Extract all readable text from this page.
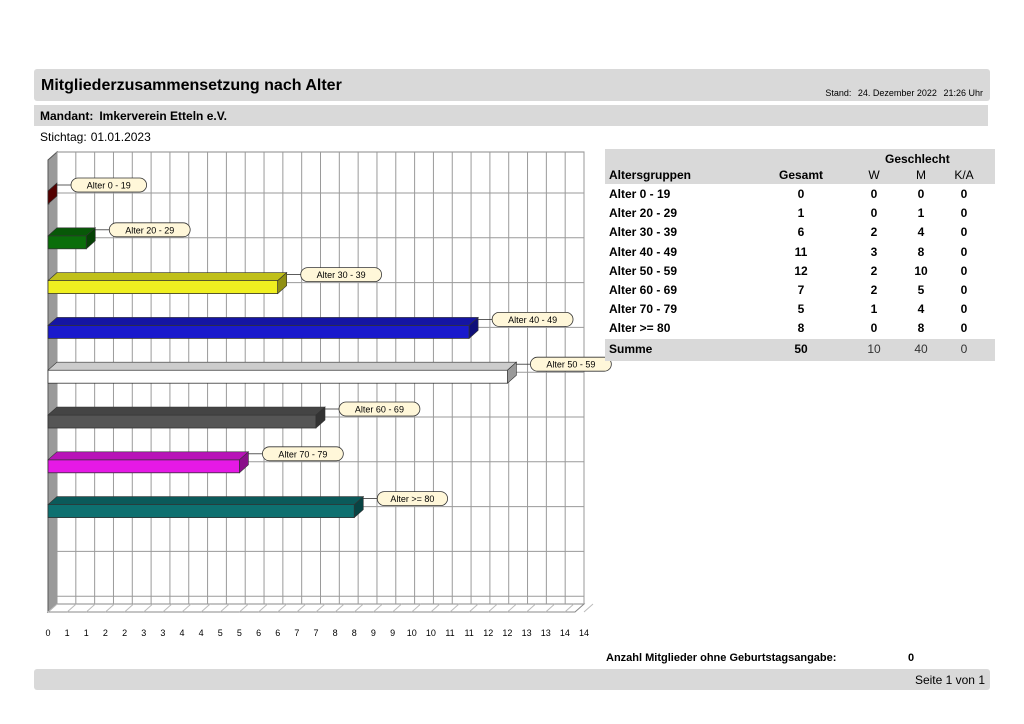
Mitgliederzusammensetzung nach Alter	Stand: 24. Dezember 2022 21:26 Uhr
Mandant: Imkerverein Etteln e.V.
Stichtag: 01.01.2023
0 1 1 2 2 3 3 4 4 5 5 6 6 7 7 8 8 9 9 10 10 11 11 12 12 13 13 14 14
Alter 0 - 19
Alter 20 - 29
Alter 30 - 39
Alter 40 - 49
Alter 50 - 59
Alter 60 - 69
Alter 70 - 79
Alter >= 80
Geschlecht
Altersgruppen	Gesamt	W	M	K/A
Alter 0 - 19	0	0	0	0
Alter 20 - 29	1	0	1	0
Alter 30 - 39	6	2	4	0
Alter 40 - 49	11	3	8	0
Alter 50 - 59	12	2	10	0
Alter 60 - 69	7	2	5	0
Alter 70 - 79	5	1	4	0
Alter >= 80	8	0	8	0
Summe	50	10	40	0
Anzahl Mitglieder ohne Geburtstagsangabe:	0
Seite 1 von 1
